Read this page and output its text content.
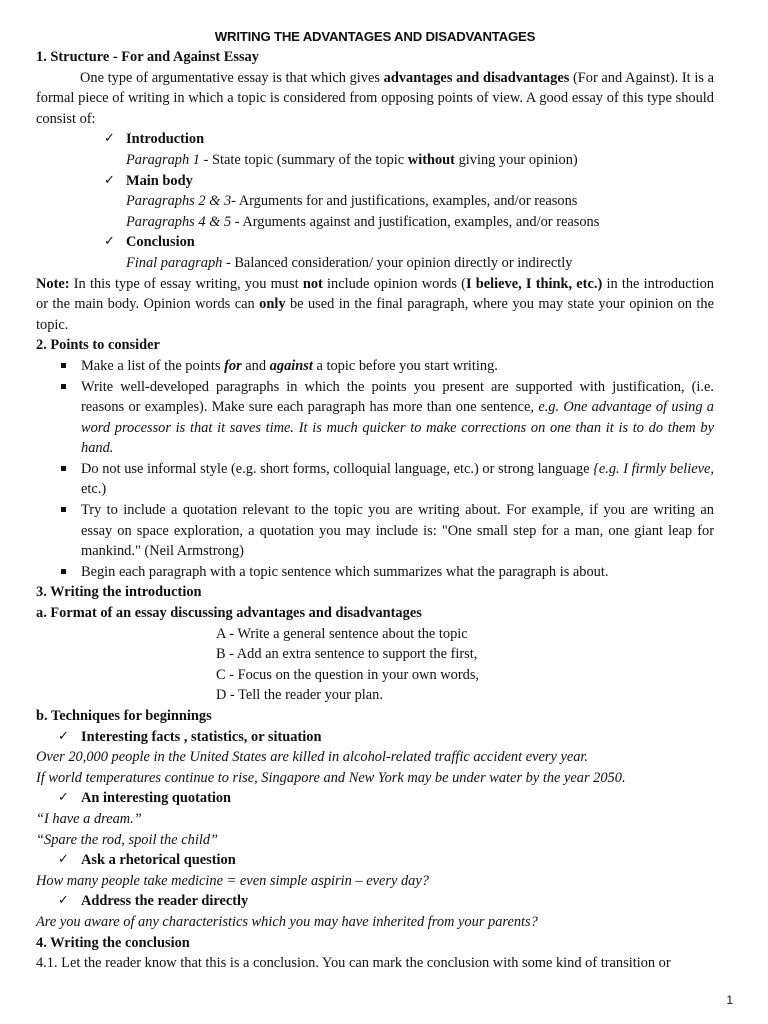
WRITING THE ADVANTAGES AND DISADVANTAGES
1. Structure - For and Against Essay
One type of argumentative essay is that which gives advantages and disadvantages (For and Against). It is a formal piece of writing in which a topic is considered from opposing points of view. A good essay of this type should consist of:
✓ Introduction
Paragraph 1 - State topic (summary of the topic without giving your opinion)
✓ Main body
Paragraphs 2 & 3- Arguments for and justifications, examples, and/or reasons
Paragraphs 4 & 5 - Arguments against and justification, examples, and/or reasons
✓ Conclusion
Final paragraph - Balanced consideration/ your opinion directly or indirectly
Note: In this type of essay writing, you must not include opinion words (I believe, I think, etc.) in the introduction or the main body. Opinion words can only be used in the final paragraph, where you may state your opinion on the topic.
2. Points to consider
Make a list of the points for and against a topic before you start writing.
Write well-developed paragraphs in which the points you present are supported with justification, (i.e. reasons or examples). Make sure each paragraph has more than one sentence, e.g. One advantage of using a word processor is that it saves time. It is much quicker to make corrections on one than it is to do them by hand.
Do not use informal style (e.g. short forms, colloquial language, etc.) or strong language {e.g. I firmly believe, etc.)
Try to include a quotation relevant to the topic you are writing about. For example, if you are writing an essay on space exploration, a quotation you may include is: "One small step for a man, one giant leap for mankind." (Neil Armstrong)
Begin each paragraph with a topic sentence which summarizes what the paragraph is about.
3. Writing the introduction
a. Format of an essay discussing advantages and disadvantages
A - Write a general sentence about the topic
B - Add an extra sentence to support the first,
C - Focus on the question in your own words,
D - Tell the reader your plan.
b. Techniques for beginnings
✓ Interesting facts , statistics, or situation
Over 20,000 people in the United States are killed in alcohol-related traffic accident every year.
If world temperatures continue to rise, Singapore and New York may be under water by the year 2050.
✓ An interesting quotation
“I have a dream.”
“Spare the rod, spoil the child”
✓ Ask a rhetorical question
How many people take medicine = even simple aspirin – every day?
✓ Address the reader directly
Are you aware of any characteristics which you may have inherited from your parents?
4. Writing the conclusion
4.1. Let the reader know that this is a conclusion. You can mark the conclusion with some kind of transition or
1
